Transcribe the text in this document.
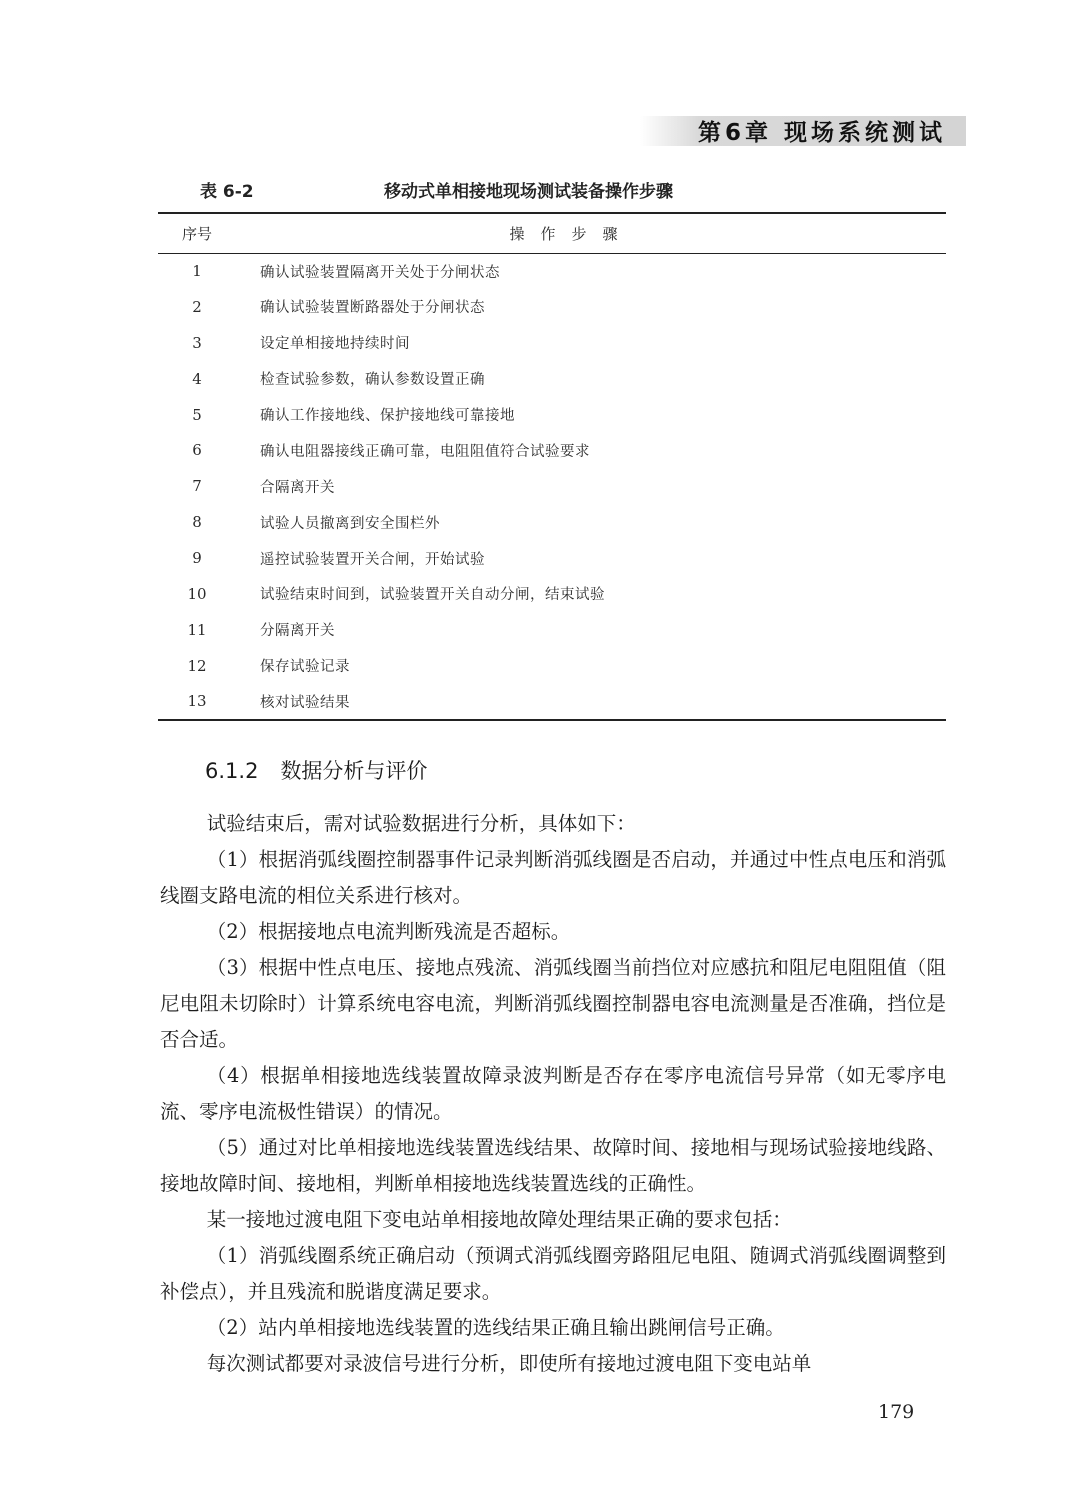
第6章 现场系统测试
表 6-2	移动式单相接地现场测试装备操作步骤
序号	操作步骤
1	确认试验装置隔离开关处于分闸状态
2	确认试验装置断路器处于分闸状态
3	设定单相接地持续时间
4	检查试验参数，确认参数设置正确
5	确认工作接地线、保护接地线可靠接地
6	确认电阻器接线正确可靠，电阻阻值符合试验要求
7	合隔离开关
8	试验人员撤离到安全围栏外
9	遥控试验装置开关合闸，开始试验
10	试验结束时间到，试验装置开关自动分闸，结束试验
11	分隔离开关
12	保存试验记录
13	核对试验结果
6.1.2 数据分析与评价

试验结束后，需对试验数据进行分析，具体如下：

（1）根据消弧线圈控制器事件记录判断消弧线圈是否启动，并通过中性点电压和消弧线圈支路电流的相位关系进行核对。

（2）根据接地点电流判断残流是否超标。

（3）根据中性点电压、接地点残流、消弧线圈当前挡位对应感抗和阻尼电阻阻值（阻尼电阻未切除时）计算系统电容电流，判断消弧线圈控制器电容电流测量是否准确，挡位是否合适。

（4）根据单相接地选线装置故障录波判断是否存在零序电流信号异常（如无零序电流、零序电流极性错误）的情况。

（5）通过对比单相接地选线装置选线结果、故障时间、接地相与现场试验接地线路、接地故障时间、接地相，判断单相接地选线装置选线的正确性。

某一接地过渡电阻下变电站单相接地故障处理结果正确的要求包括：

（1）消弧线圈系统正确启动（预调式消弧线圈旁路阻尼电阻、随调式消弧线圈调整到补偿点），并且残流和脱谐度满足要求。

（2）站内单相接地选线装置的选线结果正确且输出跳闸信号正确。

每次测试都要对录波信号进行分析，即使所有接地过渡电阻下变电站单

179
